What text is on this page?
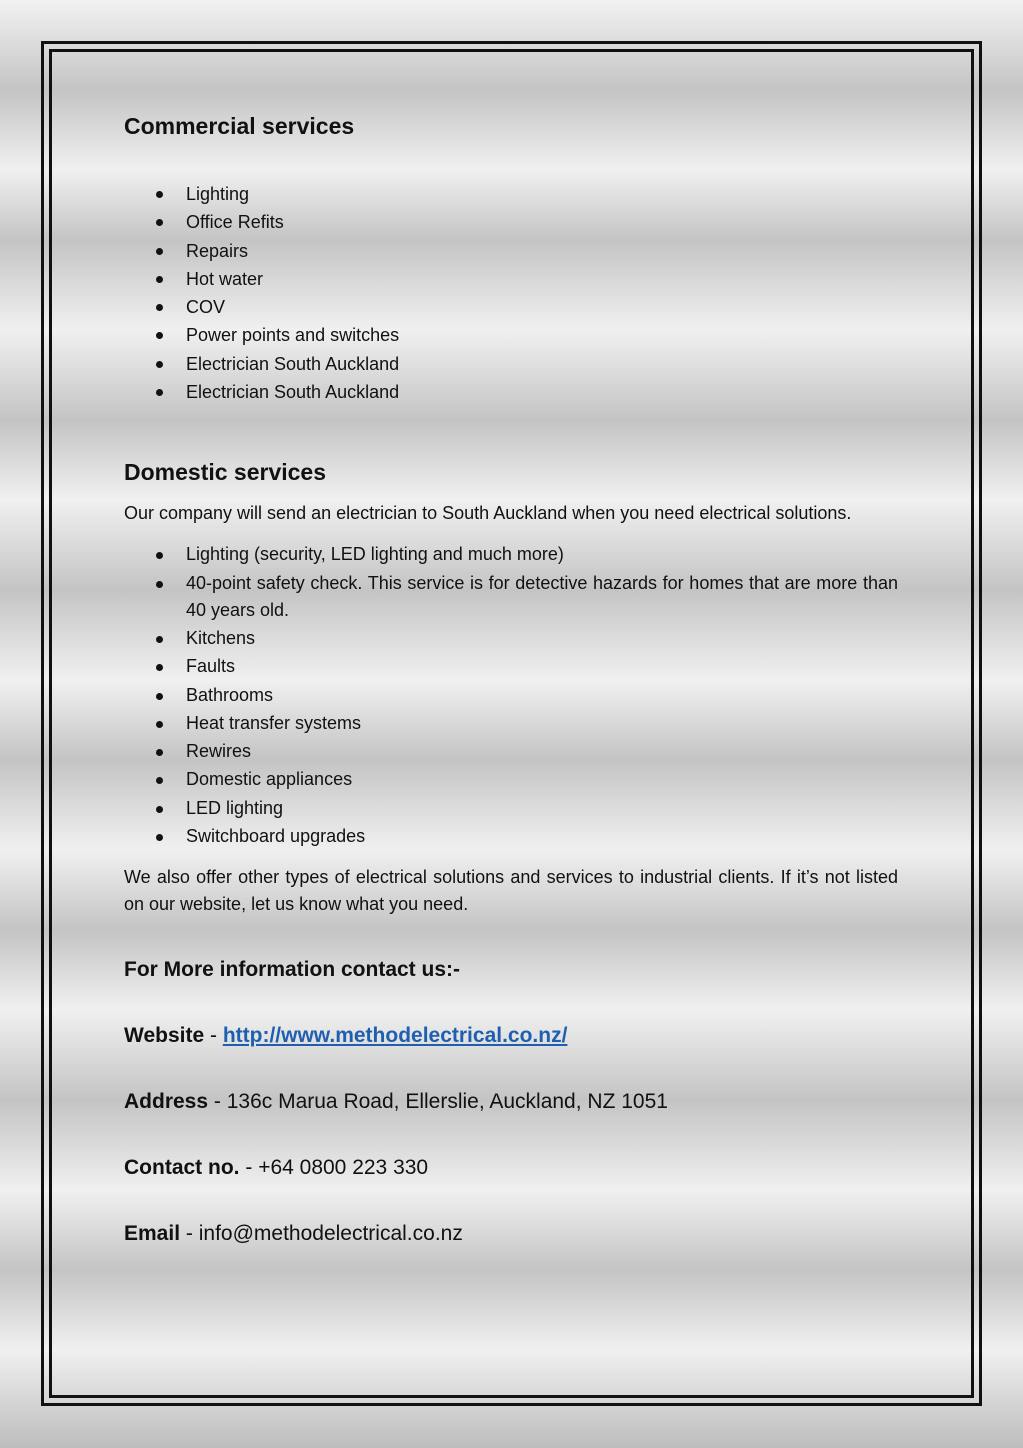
Commercial services
Lighting
Office Refits
Repairs
Hot water
COV
Power points and switches
Electrician South Auckland
Electrician South Auckland
Domestic services

Our company will send an electrician to South Auckland when you need electrical solutions.

Lighting (security, LED lighting and much more)
40-point safety check. This service is for detective hazards for homes that are more than 40 years old.
Kitchens
Faults
Bathrooms
Heat transfer systems
Rewires
Domestic appliances
LED lighting
Switchboard upgrades

We also offer other types of electrical solutions and services to industrial clients. If it’s not listed on our website, let us know what you need.

For More information contact us:-
Website - http://www.methodelectrical.co.nz/
Address - 136c Marua Road, Ellerslie, Auckland, NZ 1051
Contact no. - +64 0800 223 330
Email - info@methodelectrical.co.nz
